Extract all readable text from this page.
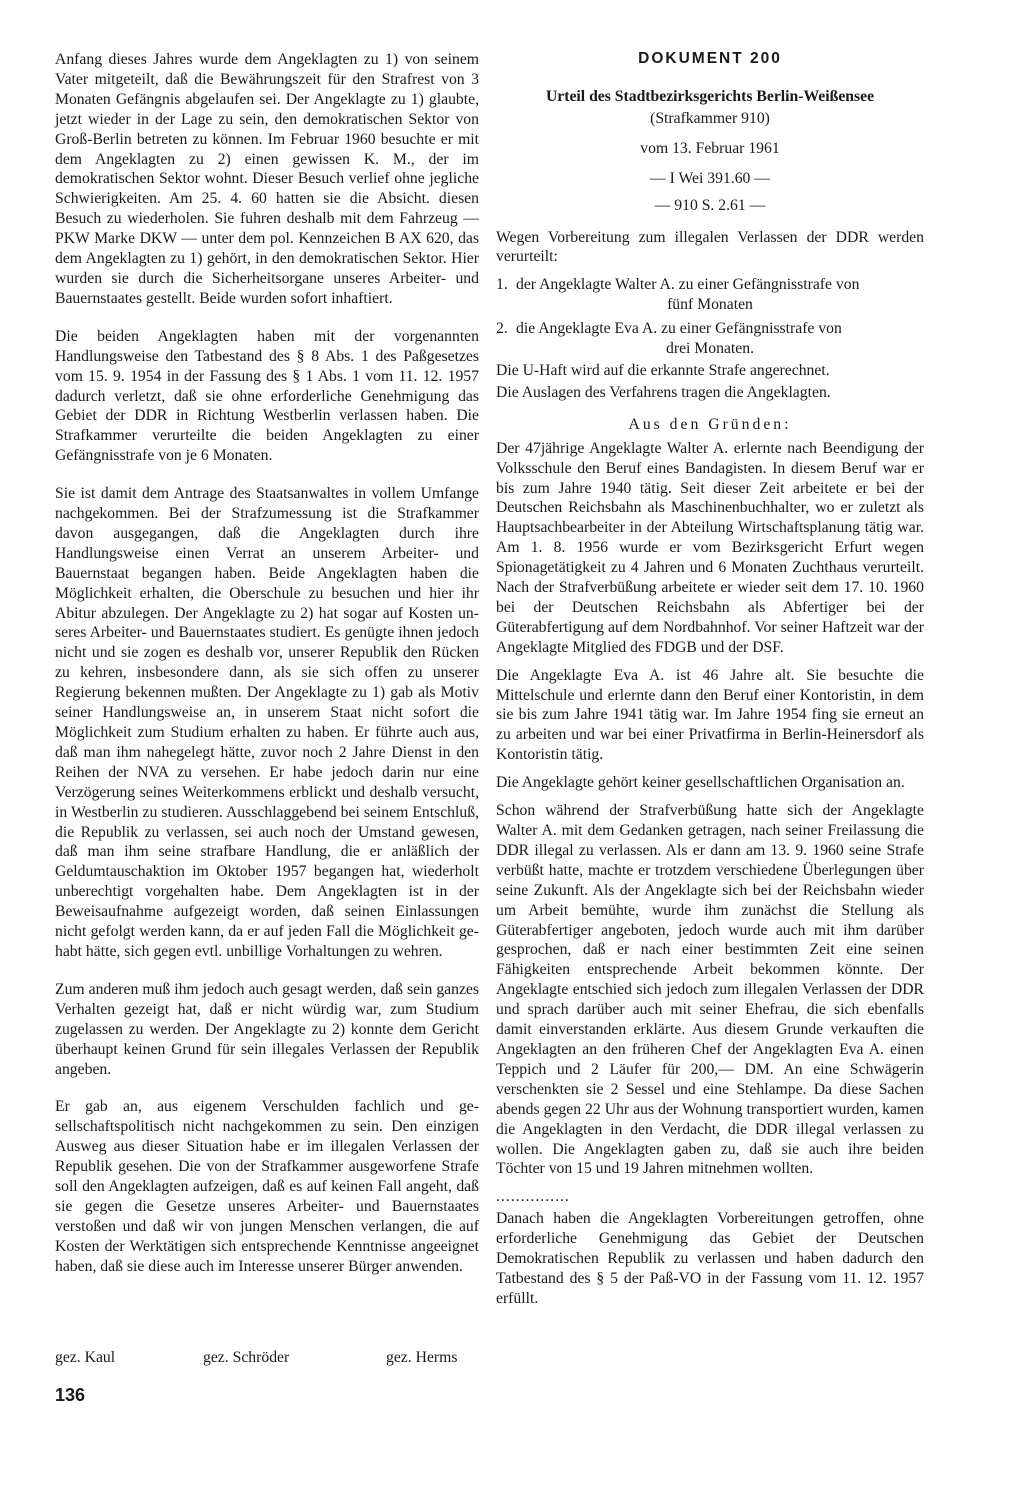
Anfang dieses Jahres wurde dem Angeklagten zu 1) von seinem Vater mitgeteilt, daß die Bewährungszeit für den Strafrest von 3 Monaten Gefängnis abgelaufen sei. Der Angeklagte zu 1) glaubte, jetzt wieder in der Lage zu sein, den demokratischen Sektor von Groß-Berlin betreten zu können. Im Februar 1960 besuchte er mit dem Angeklagten zu 2) einen gewissen K. M., der im demokratischen Sektor wohnt. Dieser Besuch verlief ohne jegliche Schwierigkeiten. Am 25. 4. 60 hatten sie die Absicht. diesen Besuch zu wiederholen. Sie fuhren deshalb mit dem Fahrzeug — PKW Marke DKW — unter dem pol. Kennzeichen B AX 620, das dem Angeklagten zu 1) gehört, in den demokratischen Sektor. Hier wurden sie durch die Sicherheitsorgane unseres Arbeiter- und Bauernstaates gestellt. Beide wurden sofort inhaftiert.

Die beiden Angeklagten haben mit der vorgenannten Handlungsweise den Tatbestand des § 8 Abs. 1 des Paßgesetzes vom 15. 9. 1954 in der Fassung des § 1 Abs. 1 vom 11. 12. 1957 dadurch verletzt, daß sie ohne erforderliche Genehmigung das Gebiet der DDR in Richtung Westberlin verlassen haben. Die Strafkammer verurteilte die beiden Angeklagten zu einer Gefängnisstrafe von je 6 Monaten.

Sie ist damit dem Antrage des Staatsanwaltes in vollem Umfange nachgekommen. Bei der Strafzumessung ist die Strafkammer davon ausgegangen, daß die Angeklagten durch ihre Handlungsweise einen Verrat an unserem Arbeiter- und Bauernstaat begangen haben. Beide Angeklagten haben die Möglichkeit erhalten, die Oberschule zu besuchen und hier ihr Abitur abzulegen. Der Angeklagte zu 2) hat sogar auf Kosten unseres Arbeiter- und Bauernstaates studiert. Es genügte ihnen jedoch nicht und sie zogen es deshalb vor, unserer Republik den Rücken zu kehren, insbesondere dann, als sie sich offen zu unserer Regierung bekennen mußten. Der Angeklagte zu 1) gab als Motiv seiner Handlungsweise an, in unserem Staat nicht sofort die Möglichkeit zum Studium erhalten zu haben. Er führte auch aus, daß man ihm nahegelegt hätte, zuvor noch 2 Jahre Dienst in den Reihen der NVA zu versehen. Er habe jedoch darin nur eine Verzögerung seines Weiterkommens erblickt und deshalb versucht, in Westberlin zu studieren. Ausschlaggebend bei seinem Entschluß, die Republik zu verlassen, sei auch noch der Umstand gewesen, daß man ihm seine strafbare Handlung, die er anläßlich der Geldumtauschaktion im Oktober 1957 begangen hat, wiederholt unberechtigt vorgehalten habe. Dem Angeklagten ist in der Beweisaufnahme aufgezeigt worden, daß seinen Einlassungen nicht gefolgt werden kann, da er auf jeden Fall die Möglichkeit gehabt hätte, sich gegen evtl. unbillige Vorhaltungen zu wehren.

Zum anderen muß ihm jedoch auch gesagt werden, daß sein ganzes Verhalten gezeigt hat, daß er nicht würdig war, zum Studium zugelassen zu werden. Der Angeklagte zu 2) konnte dem Gericht überhaupt keinen Grund für sein illegales Verlassen der Republik angeben.

Er gab an, aus eigenem Verschulden fachlich und gesellschaftspolitisch nicht nachgekommen zu sein. Den einzigen Ausweg aus dieser Situation habe er im illegalen Verlassen der Republik gesehen. Die von der Strafkammer ausgeworfene Strafe soll den Angeklagten aufzeigen, daß es auf keinen Fall angeht, daß sie gegen die Gesetze unseres Arbeiter- und Bauernstaates verstoßen und daß wir von jungen Menschen verlangen, die auf Kosten der Werktätigen sich entsprechende Kenntnisse angeeignet haben, daß sie diese auch im Interesse unserer Bürger anwenden.

gez. Kaul	gez. Schröder	gez. Herms
136
DOKUMENT 200

Urteil des Stadtbezirksgerichts Berlin-Weißensee

(Strafkammer 910)

vom 13. Februar 1961

— I Wei 391.60 —

— 910 S. 2.61 —

Wegen Vorbereitung zum illegalen Verlassen der DDR werden verurteilt:

1. der Angeklagte Walter A. zu einer Gefängnisstrafe von

fünf Monaten

2. die Angeklagte Eva A. zu einer Gefängnisstrafe von

drei Monaten.

Die U-Haft wird auf die erkannte Strafe angerechnet.

Die Auslagen des Verfahrens tragen die Angeklagten.

Aus den Gründen:

Der 47jährige Angeklagte Walter A. erlernte nach Beendigung der Volksschule den Beruf eines Bandagisten. In diesem Beruf war er bis zum Jahre 1940 tätig. Seit dieser Zeit arbeitete er bei der Deutschen Reichsbahn als Maschinenbuchhalter, wo er zuletzt als Hauptsachbearbeiter in der Abteilung Wirtschaftsplanung tätig war. Am 1. 8. 1956 wurde er vom Bezirksgericht Erfurt wegen Spionagetätigkeit zu 4 Jahren und 6 Monaten Zuchthaus verurteilt. Nach der Strafverbüßung arbeitete er wieder seit dem 17. 10. 1960 bei der Deutschen Reichsbahn als Abfertiger bei der Güterabfertigung auf dem Nordbahnhof. Vor seiner Haftzeit war der Angeklagte Mitglied des FDGB und der DSF.

Die Angeklagte Eva A. ist 46 Jahre alt. Sie besuchte die Mittelschule und erlernte dann den Beruf einer Kontoristin, in dem sie bis zum Jahre 1941 tätig war. Im Jahre 1954 fing sie erneut an zu arbeiten und war bei einer Privatfirma in Berlin-Heinersdorf als Kontoristin tätig.

Die Angeklagte gehört keiner gesellschaftlichen Organisation an.

Schon während der Strafverbüßung hatte sich der Angeklagte Walter A. mit dem Gedanken getragen, nach seiner Freilassung die DDR illegal zu verlassen. Als er dann am 13. 9. 1960 seine Strafe verbüßt hatte, machte er trotzdem verschiedene Überlegungen über seine Zukunft. Als der Angeklagte sich bei der Reichsbahn wieder um Arbeit bemühte, wurde ihm zunächst die Stellung als Güterabfertiger angeboten, jedoch wurde auch mit ihm darüber gesprochen, daß er nach einer bestimmten Zeit eine seinen Fähigkeiten entsprechende Arbeit bekommen könnte. Der Angeklagte entschied sich jedoch zum illegalen Verlassen der DDR und sprach darüber auch mit seiner Ehefrau, die sich ebenfalls damit einverstanden erklärte. Aus diesem Grunde verkauften die Angeklagten an den früheren Chef der Angeklagten Eva A. einen Teppich und 2 Läufer für 200,— DM. An eine Schwägerin verschenkten sie 2 Sessel und eine Stehlampe. Da diese Sachen abends gegen 22 Uhr aus der Wohnung transportiert wurden, kamen die Angeklagten in den Verdacht, die DDR illegal verlassen zu wollen. Die Angeklagten gaben zu, daß sie auch ihre beiden Töchter von 15 und 19 Jahren mitnehmen wollten.

...............

Danach haben die Angeklagten Vorbereitungen getroffen, ohne erforderliche Genehmigung das Gebiet der Deutschen Demokratischen Republik zu verlassen und haben dadurch den Tatbestand des § 5 der Paß-VO in der Fassung vom 11. 12. 1957 erfüllt.
